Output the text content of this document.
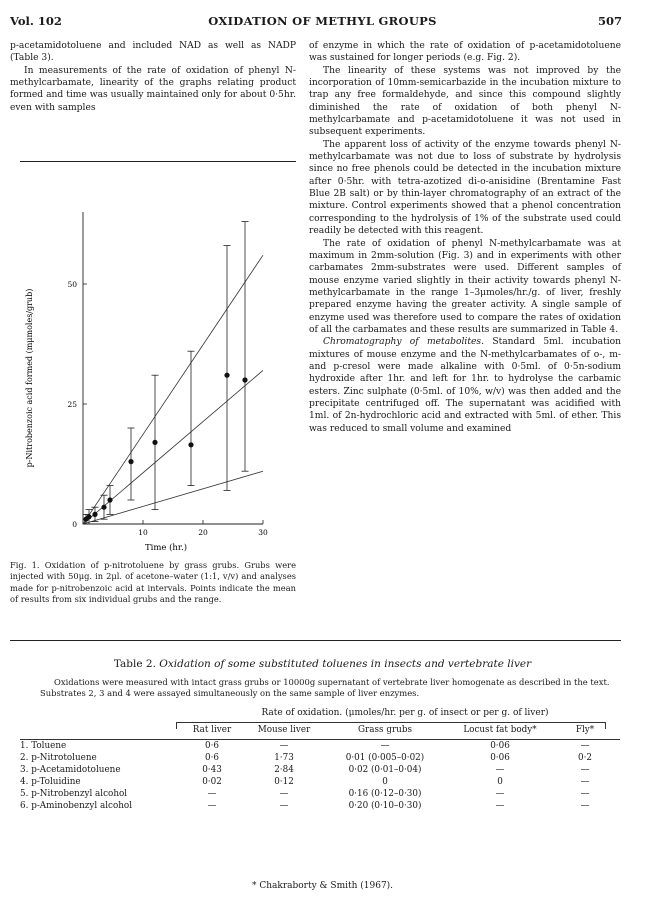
Vol. 102	OXIDATION OF METHYL GROUPS	507

p-acetamidotoluene and included NAD as well as NADP (Table 3).

In measurements of the rate of oxidation of phenyl N-methylcarbamate, linearity of the graphs relating product formed and time was usually maintained only for about 0·5hr. even with samples

0
25
50
10	20	30
p-Nitrobenzoic acid formed (mμmoles/grub)
Time (hr.)
Fig. 1. Oxidation of p-nitrotoluene by grass grubs. Grubs were injected with 50μg. in 2μl. of acetone–water (1:1, v/v) and analyses made for p-nitrobenzoic acid at intervals. Points indicate the mean of results from six individual grubs and the range.

of enzyme in which the rate of oxidation of p-acetamidotoluene was sustained for longer periods (e.g. Fig. 2).

The linearity of these systems was not improved by the incorporation of 10mm-semicarbazide in the incubation mixture to trap any free formaldehyde, and since this compound slightly diminished the rate of oxidation of both phenyl N-methylcarbamate and p-acetamidotoluene it was not used in subsequent experiments.

The apparent loss of activity of the enzyme towards phenyl N-methylcarbamate was not due to loss of substrate by hydrolysis since no free phenols could be detected in the incubation mixture after 0·5hr. with tetra-azotized di-o-anisidine (Brentamine Fast Blue 2B salt) or by thin-layer chromatography of an extract of the mixture. Control experiments showed that a phenol concentration corresponding to the hydrolysis of 1% of the substrate used could readily be detected with this reagent.

The rate of oxidation of phenyl N-methylcarbamate was at maximum in 2mm-solution (Fig. 3) and in experiments with other carbamates 2mm-substrates were used. Different samples of mouse enzyme varied slightly in their activity towards phenyl N-methylcarbamate in the range 1–3μmoles/hr./g. of liver, freshly prepared enzyme having the greater activity. A single sample of enzyme used was therefore used to compare the rates of oxidation of all the carbamates and these results are summarized in Table 4.

Chromatography of metabolites. Standard 5ml. incubation mixtures of mouse enzyme and the N-methylcarbamates of o-, m- and p-cresol were made alkaline with 0·5ml. of 0·5n-sodium hydroxide after 1hr. and left for 1hr. to hydrolyse the carbamic esters. Zinc sulphate (0·5ml. of 10%, w/v) was then added and the precipitate centrifuged off. The supernatant was acidified with 1ml. of 2n-hydrochloric acid and extracted with 5ml. of ether. This was reduced to small volume and examined

Table 2. Oxidation of some substituted toluenes in insects and vertebrate liver
Oxidations were measured with intact grass grubs or 10000g supernatant of vertebrate liver homogenate as described in the text. Substrates 2, 3 and 4 were assayed simultaneously on the same sample of liver enzymes.
Rate of oxidation. (μmoles/hr. per g. of insect or per g. of liver)
	Rat liver	Mouse liver	Grass grubs	Locust fat body*	Fly*

1. Toluene	0·6	—	—	0·06	—
2. p-Nitrotoluene	0·6	1·73	0·01 (0·005–0·02)	0·06	0·2
3. p-Acetamidotoluene	0·43	2·84	0·02 (0·01–0·04)	—	—
4. p-Toluidine	0·02	0·12	0	0	—
5. p-Nitrobenzyl alcohol	—	—	0·16 (0·12–0·30)	—	—
6. p-Aminobenzyl alcohol	—	—	0·20 (0·10–0·30)	—	—
* Chakraborty & Smith (1967).
